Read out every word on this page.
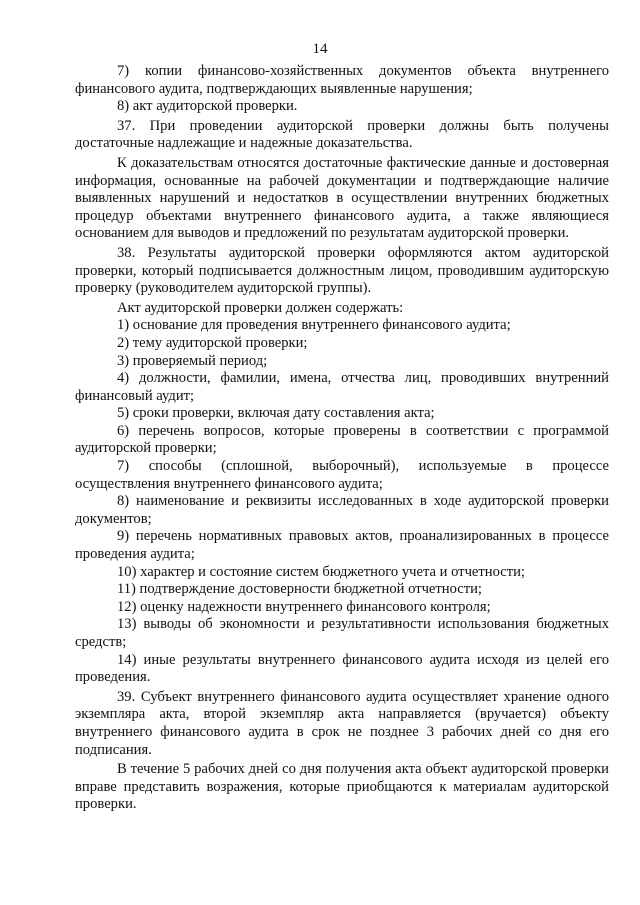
14

7) копии финансово-хозяйственных документов объекта внутреннего финансового аудита, подтверждающих выявленные нарушения;

8) акт аудиторской проверки.

37. При проведении аудиторской проверки должны быть получены достаточные надлежащие и надежные доказательства.

К доказательствам относятся достаточные фактические данные и достоверная информация, основанные на рабочей документации и подтверждающие наличие выявленных нарушений и недостатков в осуществлении внутренних бюджетных процедур объектами внутреннего финансового аудита, а также являющиеся основанием для выводов и предложений по результатам аудиторской проверки.

38. Результаты аудиторской проверки оформляются актом аудиторской проверки, который подписывается должностным лицом, проводившим аудиторскую проверку (руководителем аудиторской группы).

Акт аудиторской проверки должен содержать:

1) основание для проведения внутреннего финансового аудита;

2) тему аудиторской проверки;

3) проверяемый период;

4) должности, фамилии, имена, отчества лиц, проводивших внутренний финансовый аудит;

5) сроки проверки, включая дату составления акта;

6) перечень вопросов, которые проверены в соответствии с программой аудиторской проверки;

7) способы (сплошной, выборочный), используемые в процессе осуществления внутреннего финансового аудита;

8) наименование и реквизиты исследованных в ходе аудиторской проверки документов;

9) перечень нормативных правовых актов, проанализированных в процессе проведения аудита;

10) характер и состояние систем бюджетного учета и отчетности;

11) подтверждение достоверности бюджетной отчетности;

12) оценку надежности внутреннего финансового контроля;

13) выводы об экономности и результативности использования бюджетных средств;

14) иные результаты внутреннего финансового аудита исходя из целей его проведения.

39. Субъект внутреннего финансового аудита осуществляет хранение одного экземпляра акта, второй экземпляр акта направляется (вручается) объекту внутреннего финансового аудита в срок не позднее 3 рабочих дней со дня его подписания.

В течение 5 рабочих дней со дня получения акта объект аудиторской проверки вправе представить возражения, которые приобщаются к материалам аудиторской проверки.
